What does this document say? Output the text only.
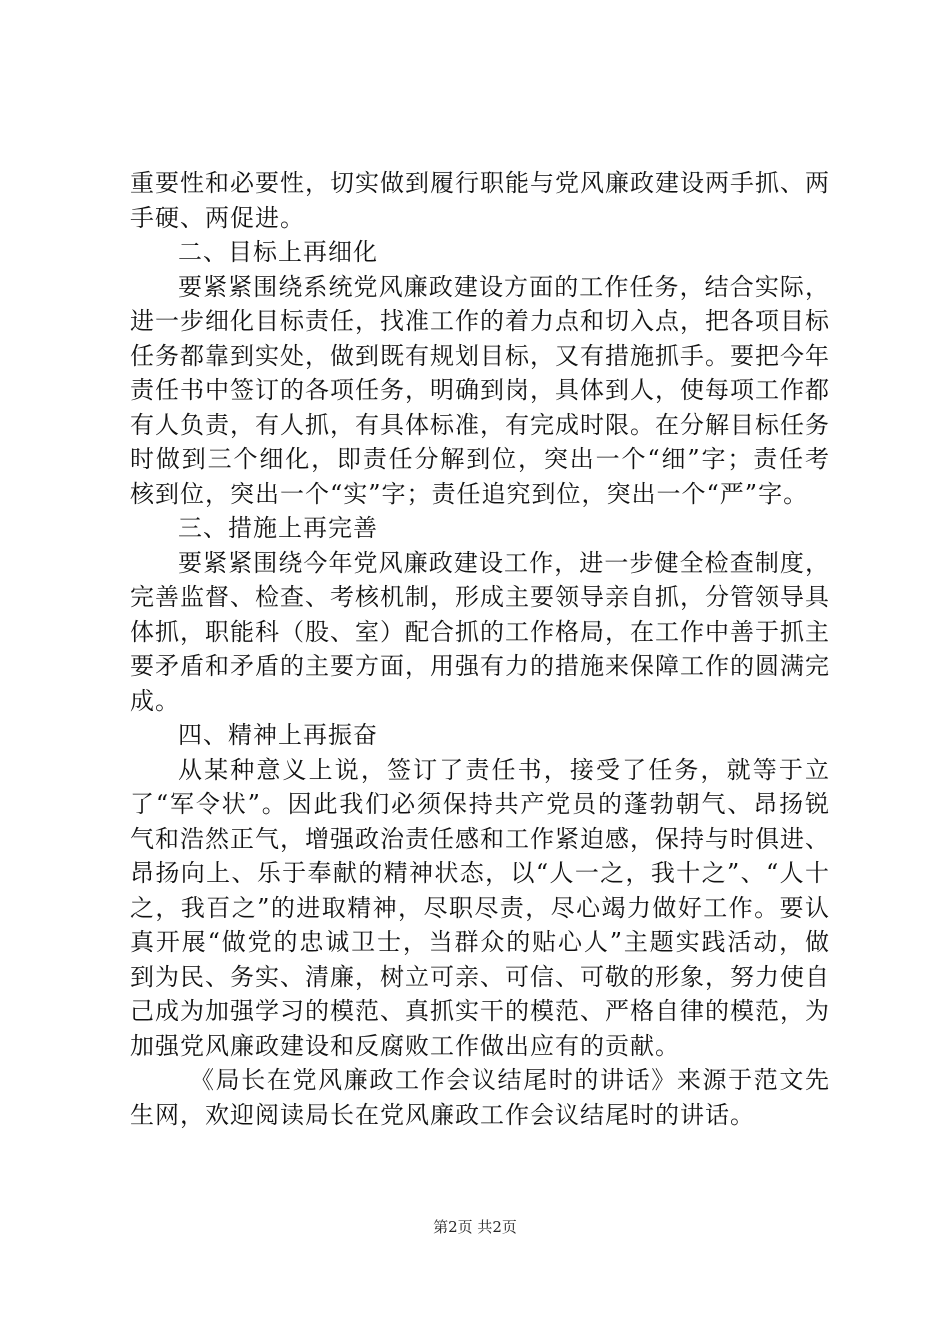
重要性和必要性，切实做到履行职能与党风廉政建设两手抓、两手硬、两促进。

二、目标上再细化

要紧紧围绕系统党风廉政建设方面的工作任务，结合实际，进一步细化目标责任，找准工作的着力点和切入点，把各项目标任务都靠到实处，做到既有规划目标，又有措施抓手。要把今年责任书中签订的各项任务，明确到岗，具体到人，使每项工作都有人负责，有人抓，有具体标准，有完成时限。在分解目标任务时做到三个细化，即责任分解到位，突出一个“细”字；责任考核到位，突出一个“实”字；责任追究到位，突出一个“严”字。

三、措施上再完善

要紧紧围绕今年党风廉政建设工作，进一步健全检查制度，完善监督、检查、考核机制，形成主要领导亲自抓，分管领导具体抓，职能科（股、室）配合抓的工作格局，在工作中善于抓主要矛盾和矛盾的主要方面，用强有力的措施来保障工作的圆满完成。

四、精神上再振奋

从某种意义上说，签订了责任书，接受了任务，就等于立了“军令状”。因此我们必须保持共产党员的蓬勃朝气、昂扬锐气和浩然正气，增强政治责任感和工作紧迫感，保持与时俱进、昂扬向上、乐于奉献的精神状态，以“人一之，我十之”、“人十之，我百之”的进取精神，尽职尽责，尽心竭力做好工作。要认真开展“做党的忠诚卫士，当群众的贴心人”主题实践活动，做到为民、务实、清廉，树立可亲、可信、可敬的形象，努力使自己成为加强学习的模范、真抓实干的模范、严格自律的模范，为加强党风廉政建设和反腐败工作做出应有的贡献。

《局长在党风廉政工作会议结尾时的讲话》来源于范文先生网，欢迎阅读局长在党风廉政工作会议结尾时的讲话。

第2页 共2页
